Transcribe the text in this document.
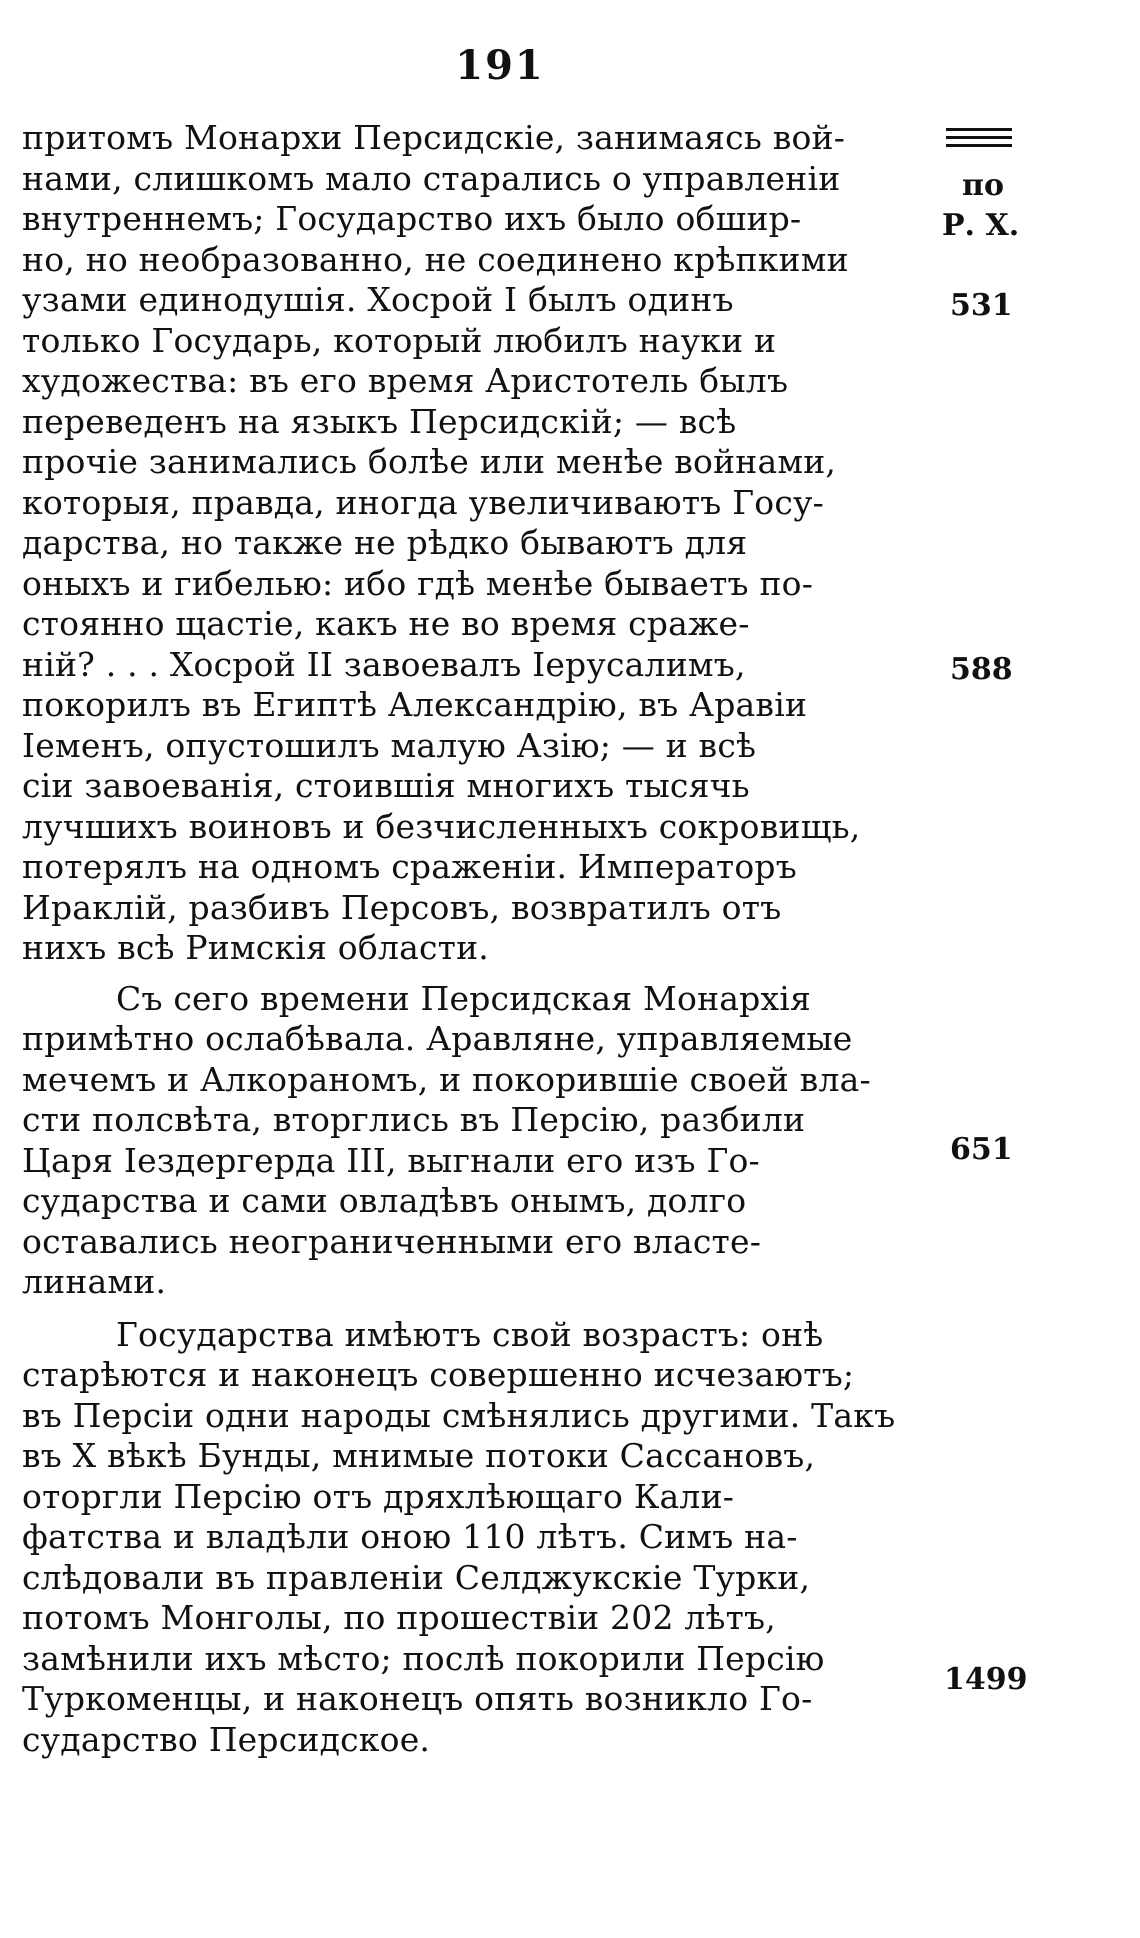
191
по
Р. Х.
531
588
651
1499
притомъ Монархи Персидскіе, занимаясь вой-
нами, слишкомъ мало старались о управленіи
внутреннемъ; Государство ихъ было обшир-
но, но необразованно, не соединено крѣпкими
узами единодушія. Хосрой I былъ одинъ
только Государь, который любилъ науки и
художества: въ его время Аристотель былъ
переведенъ на языкъ Персидскій; — всѣ
прочіе занимались болѣе или менѣе войнами,
которыя, правда, иногда увеличиваютъ Госу-
дарства, но также не рѣдко бываютъ для
оныхъ и гибелью: ибо гдѣ менѣе бываетъ по-
стоянно щастіе, какъ не во время сраже-
ній? . . . Хосрой II завоевалъ Іерусалимъ,
покорилъ въ Египтѣ Александрію, въ Аравіи
Іеменъ, опустошилъ малую Азію; — и всѣ
сіи завоеванія, стоившія многихъ тысячь
лучшихъ воиновъ и безчисленныхъ сокровищь,
потерялъ на одномъ сраженіи. Императоръ
Ираклій, разбивъ Персовъ, возвратилъ отъ
нихъ всѣ Римскія области.
Съ сего времени Персидская Монархія
примѣтно ослабѣвала. Аравляне, управляемые
мечемъ и Алкораномъ, и покорившіе своей вла-
сти полсвѣта, вторглись въ Персію, разбили
Царя Іездергерда III, выгнали его изъ Го-
сударства и сами овладѣвъ онымъ, долго
оставались неограниченными его властe-
линами.
Государства имѣютъ свой возрастъ: онѣ
старѣются и наконецъ совершенно исчезаютъ;
въ Персіи одни народы смѣнялись другими. Такъ
въ X вѣкѣ Бунды, мнимые потоки Сассановъ,
оторгли Персію отъ дряхлѣющаго Кали-
фатства и владѣли оною 110 лѣтъ. Симъ на-
слѣдовали въ правленіи Селджукскіе Турки,
потомъ Монголы, по прошествіи 202 лѣтъ,
замѣнили ихъ мѣсто; послѣ покорили Персію
Туркоменцы, и наконецъ опять возникло Го-
сударство Персидское.
